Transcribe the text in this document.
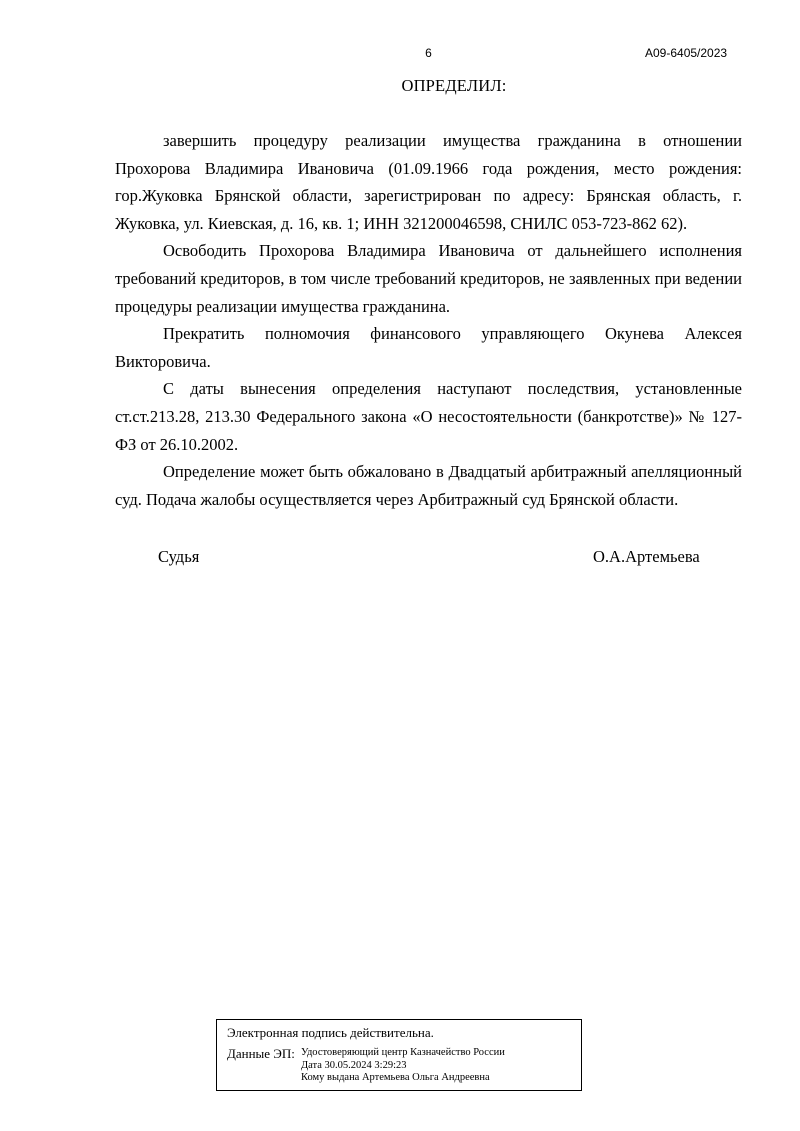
6	А09-6405/2023
ОПРЕДЕЛИЛ:

завершить процедуру реализации имущества гражданина в отношении Прохорова Владимира Ивановича (01.09.1966 года рождения, место рождения: гор.Жуковка Брянской области, зарегистрирован по адресу: Брянская область, г. Жуковка, ул. Киевская, д. 16, кв. 1; ИНН 321200046598, СНИЛС 053-723-862 62).

Освободить Прохорова Владимира Ивановича от дальнейшего исполнения требований кредиторов, в том числе требований кредиторов, не заявленных при ведении процедуры реализации имущества гражданина.

Прекратить полномочия финансового управляющего Окунева Алексея Викторовича.

С даты вынесения определения наступают последствия, установленные ст.ст.213.28, 213.30 Федерального закона «О несостоятельности (банкротстве)» № 127-ФЗ от 26.10.2002.

Определение может быть обжаловано в Двадцатый арбитражный апелляционный суд. Подача жалобы осуществляется через Арбитражный суд Брянской области.

Судья	О.А.Артемьева
Электронная подпись действительна.
Данные ЭП: Удостоверяющий центр Казначейство России
Дата 30.05.2024 3:29:23
Кому выдана Артемьева Ольга Андреевна
